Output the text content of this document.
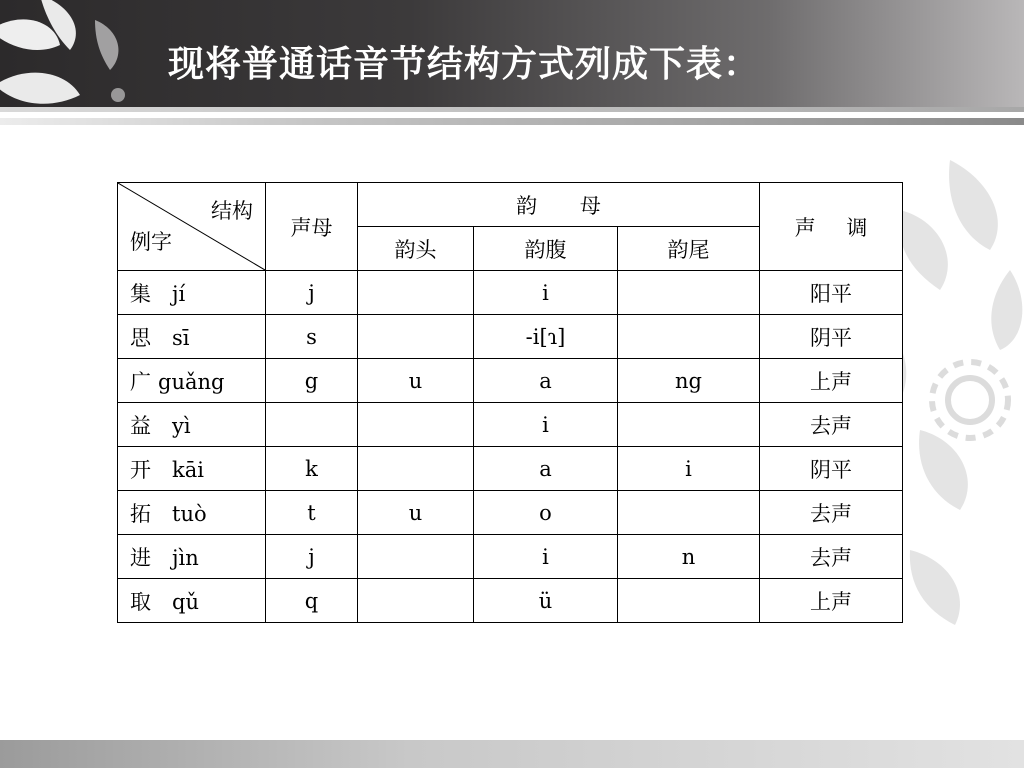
现将普通话音节结构方式列成下表：
结构
例字	声母	韵 母			声 调
		韵头	韵腹	韵尾	
集 jí	j		i		阳平
思 sī	s		-i[ɿ]		阴平
广 guǎng	g	u	a	ng	上声
益 yì			i		去声
开 kāi	k		a	i	阴平
拓 tuò	t	u	o		去声
进 jìn	j		i	n	去声
取 qǔ	q		ü		上声
